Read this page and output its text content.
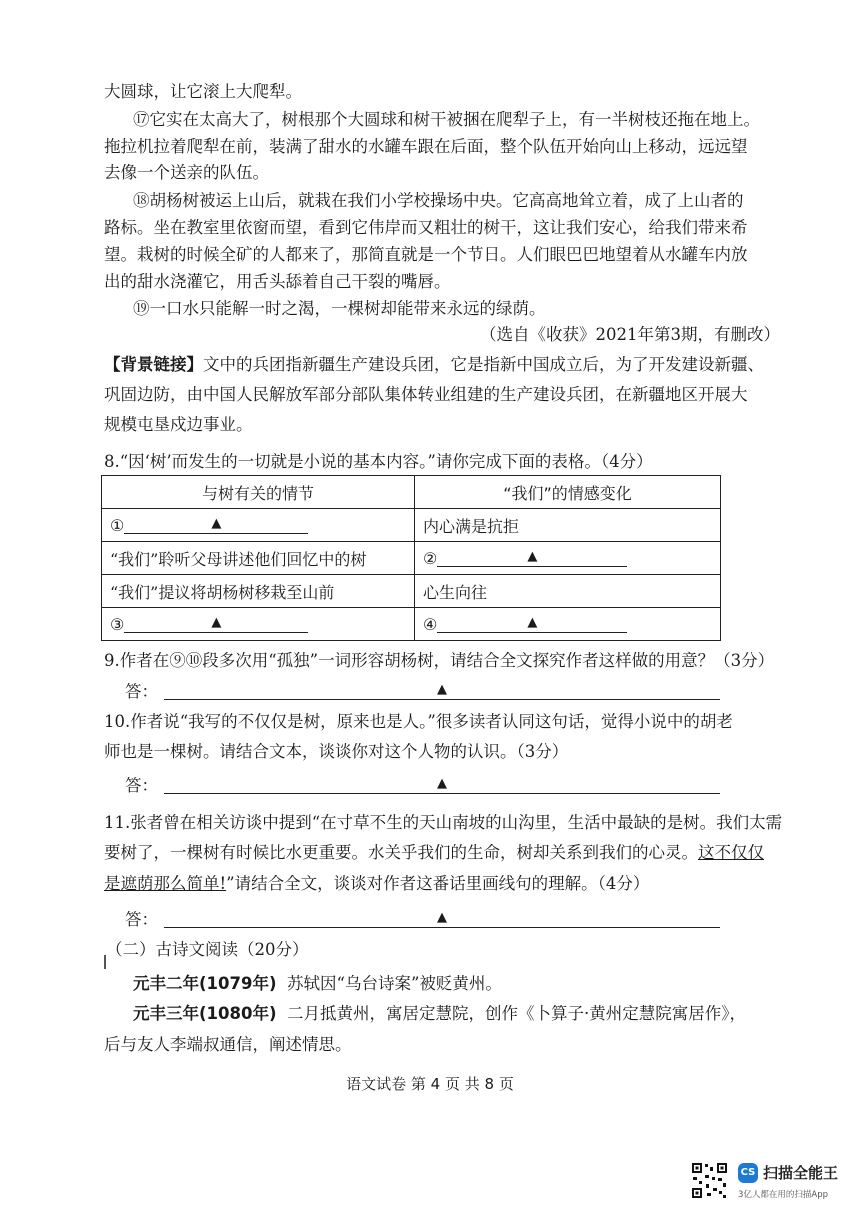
大圆球，让它滚上大爬犁。
⑰它实在太高大了，树根那个大圆球和树干被捆在爬犁子上，有一半树枝还拖在地上。
拖拉机拉着爬犁在前，装满了甜水的水罐车跟在后面，整个队伍开始向山上移动，远远望
去像一个送亲的队伍。
⑱胡杨树被运上山后，就栽在我们小学校操场中央。它高高地耸立着，成了上山者的
路标。坐在教室里依窗而望，看到它伟岸而又粗壮的树干，这让我们安心，给我们带来希
望。栽树的时候全矿的人都来了，那简直就是一个节日。人们眼巴巴地望着从水罐车内放
出的甜水浇灌它，用舌头舔着自己干裂的嘴唇。
⑲一口水只能解一时之渴，一棵树却能带来永远的绿荫。
（选自《收获》2021年第3期，有删改）
【背景链接】文中的兵团指新疆生产建设兵团，它是指新中国成立后，为了开发建设新疆、
巩固边防，由中国人民解放军部分部队集体转业组建的生产建设兵团，在新疆地区开展大
规模屯垦戍边事业。
8.“因‘树’而发生的一切就是小说的基本内容。”请你完成下面的表格。（4分）
与树有关的情节	“我们”的情感变化
① ▲	内心满是抗拒
“我们”聆听父母讲述他们回忆中的树	② ▲

“我们”提议将胡杨树移栽至山前	心生向往
③ ▲	④ ▲
9.作者在⑨⑩段多次用“孤独”一词形容胡杨树，请结合全文探究作者这样做的用意？（3分）
答：	▲
10.作者说“我写的不仅仅是树，原来也是人。”很多读者认同这句话，觉得小说中的胡老
师也是一棵树。请结合文本，谈谈你对这个人物的认识。（3分）
答：	▲
11.张者曾在相关访谈中提到“在寸草不生的天山南坡的山沟里，生活中最缺的是树。我们太需
要树了，一棵树有时候比水更重要。水关乎我们的生命，树却关系到我们的心灵。这不仅仅
是遮荫那么简单!”请结合全文，谈谈对作者这番话里画线句的理解。（4分）
答：	▲
（二）古诗文阅读（20分）
元丰二年(1079年) 苏轼因“乌台诗案”被贬黄州。
元丰三年(1080年) 二月抵黄州，寓居定慧院，创作《卜算子·黄州定慧院寓居作》，
后与友人李端叔通信，阐述情思。
语文试卷 第 4 页 共 8 页
CS 扫描全能王
3亿人都在用的扫描App
